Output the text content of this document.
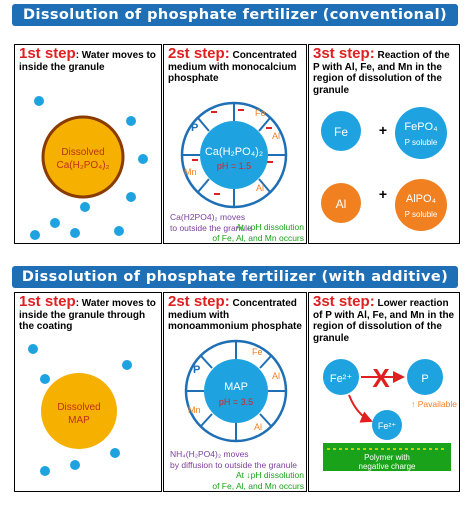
Dissolution of phosphate fertilizer (conventional)
Dissolution of phosphate fertilizer (with additive)
1st step: Water moves to inside the granule
Dissolved
Ca(H₂PO₄)₂
2st step: Concentrated medium with monocalcium phosphate
Ca(H₂PO₄)₂
pH = 1.5
P
Fe
Al
Al
Mn
Ca(H2PO4)₂ moves
to outside the granule
At ↓pH dissolution
of Fe, Al, and Mn occurs
3st step: Reaction of the P with Al, Fe, and Mn in the region of dissolution of the granule
Fe + FePO₄
P soluble
Al
+ AlPO₄
P soluble
1st step: Water moves to inside the granule through the coating
Dissolved
MAP
2st step: Concentrated medium with monoammonium phosphate
MAP
pH = 3.5
P
Fe
Al
Al
Mn
NH₄(H₂PO4)₂ moves
by diffusion to outside the granule
At ↓pH dissolution
of Fe, Al, and Mn occurs
3st step: Lower reaction of P with Al, Fe, and Mn in the region of dissolution of the granule
Fe²⁺ X	P
Fe²⁺
↑ Pavailable
Polymer with
negative charge
